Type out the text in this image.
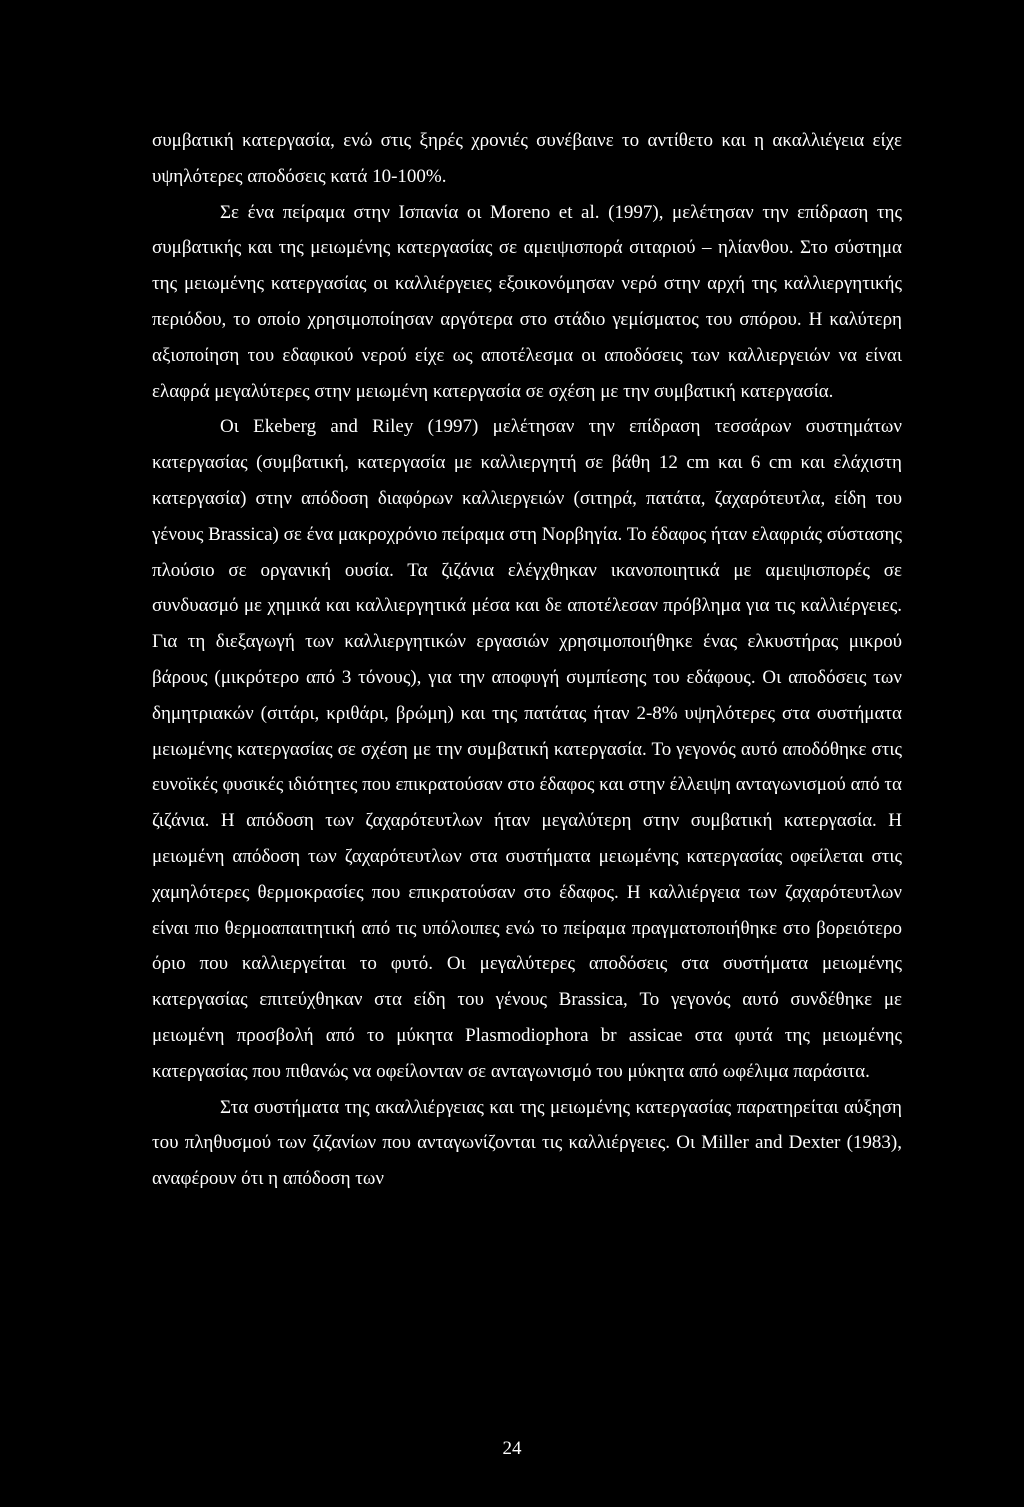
συμβατική κατεργασία, ενώ στις ξηρές χρονιές συνέβαινε το αντίθετο και η ακαλλιέγεια είχε υψηλότερες αποδόσεις κατά 10-100%.

Σε ένα πείραμα στην Ισπανία οι Moreno et al. (1997), μελέτησαν την επίδραση της συμβατικής και της μειωμένης κατεργασίας σε αμειψισπορά σιταριού – ηλίανθου. Στο σύστημα της μειωμένης κατεργασίας οι καλλιέργειες εξοικονόμησαν νερό στην αρχή της καλλιεργητικής περιόδου, το οποίο χρησιμοποίησαν αργότερα στο στάδιο γεμίσματος του σπόρου. Η καλύτερη αξιοποίηση του εδαφικού νερού είχε ως αποτέλεσμα οι αποδόσεις των καλλιεργειών να είναι ελαφρά μεγαλύτερες στην μειωμένη κατεργασία σε σχέση με την συμβατική κατεργασία.

Οι Ekeberg and Riley (1997) μελέτησαν την επίδραση τεσσάρων συστημάτων κατεργασίας (συμβατική, κατεργασία με καλλιεργητή σε βάθη 12 cm και 6 cm και ελάχιστη κατεργασία) στην απόδοση διαφόρων καλλιεργειών (σιτηρά, πατάτα, ζαχαρότευτλα, είδη του γένους Brassica) σε ένα μακροχρόνιο πείραμα στη Νορβηγία. Το έδαφος ήταν ελαφριάς σύστασης πλούσιο σε οργανική ουσία. Τα ζιζάνια ελέγχθηκαν ικανοποιητικά με αμειψισπορές σε συνδυασμό με χημικά και καλλιεργητικά μέσα και δε αποτέλεσαν πρόβλημα για τις καλλιέργειες. Για τη διεξαγωγή των καλλιεργητικών εργασιών χρησιμοποιήθηκε ένας ελκυστήρας μικρού βάρους (μικρότερο από 3 τόνους), για την αποφυγή συμπίεσης του εδάφους. Οι αποδόσεις των δημητριακών (σιτάρι, κριθάρι, βρώμη) και της πατάτας ήταν 2-8% υψηλότερες στα συστήματα μειωμένης κατεργασίας σε σχέση με την συμβατική κατεργασία. Το γεγονός αυτό αποδόθηκε στις ευνοϊκές φυσικές ιδιότητες που επικρατούσαν στο έδαφος και στην έλλειψη ανταγωνισμού από τα ζιζάνια. Η απόδοση των ζαχαρότευτλων ήταν μεγαλύτερη στην συμβατική κατεργασία. Η μειωμένη απόδοση των ζαχαρότευτλων στα συστήματα μειωμένης κατεργασίας οφείλεται στις χαμηλότερες θερμοκρασίες που επικρατούσαν στο έδαφος. Η καλλιέργεια των ζαχαρότευτλων είναι πιο θερμοαπαιτητική από τις υπόλοιπες ενώ το πείραμα πραγματοποιήθηκε στο βορειότερο όριο που καλλιεργείται το φυτό. Οι μεγαλύτερες αποδόσεις στα συστήματα μειωμένης κατεργασίας επιτεύχθηκαν στα είδη του γένους Brassica, Το γεγονός αυτό συνδέθηκε με μειωμένη προσβολή από το μύκητα Plasmodiophora br assicae στα φυτά της μειωμένης κατεργασίας που πιθανώς να οφείλονταν σε ανταγωνισμό του μύκητα από ωφέλιμα παράσιτα.

Στα συστήματα της ακαλλιέργειας και της μειωμένης κατεργασίας παρατηρείται αύξηση του πληθυσμού των ζιζανίων που ανταγωνίζονται τις καλλιέργειες. Οι Miller and Dexter (1983), αναφέρουν ότι η απόδοση των

24
